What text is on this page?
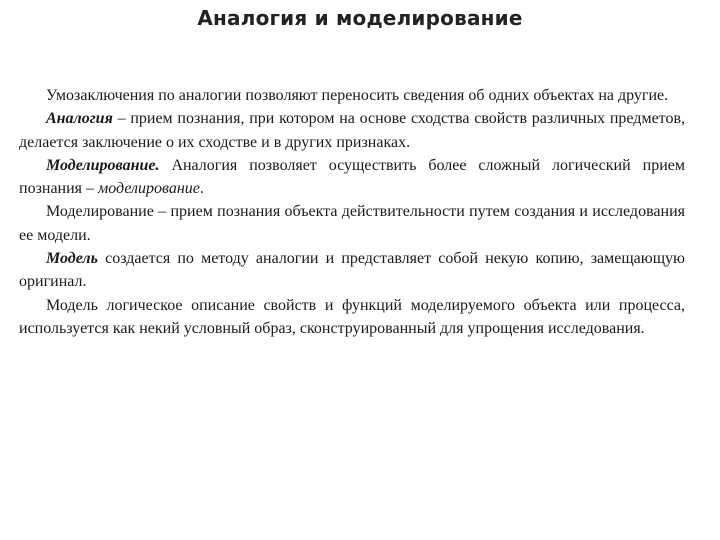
Аналогия и моделирование

Умозаключения по аналогии позволяют переносить сведения об одних объектах на другие.

Аналогия – прием познания, при котором на основе сходства свойств различных предметов, делается заключение о их сходстве и в других признаках.

Моделирование. Аналогия позволяет осуществить более сложный логический прием познания – моделирование.

Моделирование – прием познания объекта действительности путем создания и исследования ее модели.

Модель создается по методу аналогии и представляет собой некую копию, замещающую оригинал.

Модель логическое описание свойств и функций моделируемого объекта или процесса, используется как некий условный образ, сконструированный для упрощения исследования.
